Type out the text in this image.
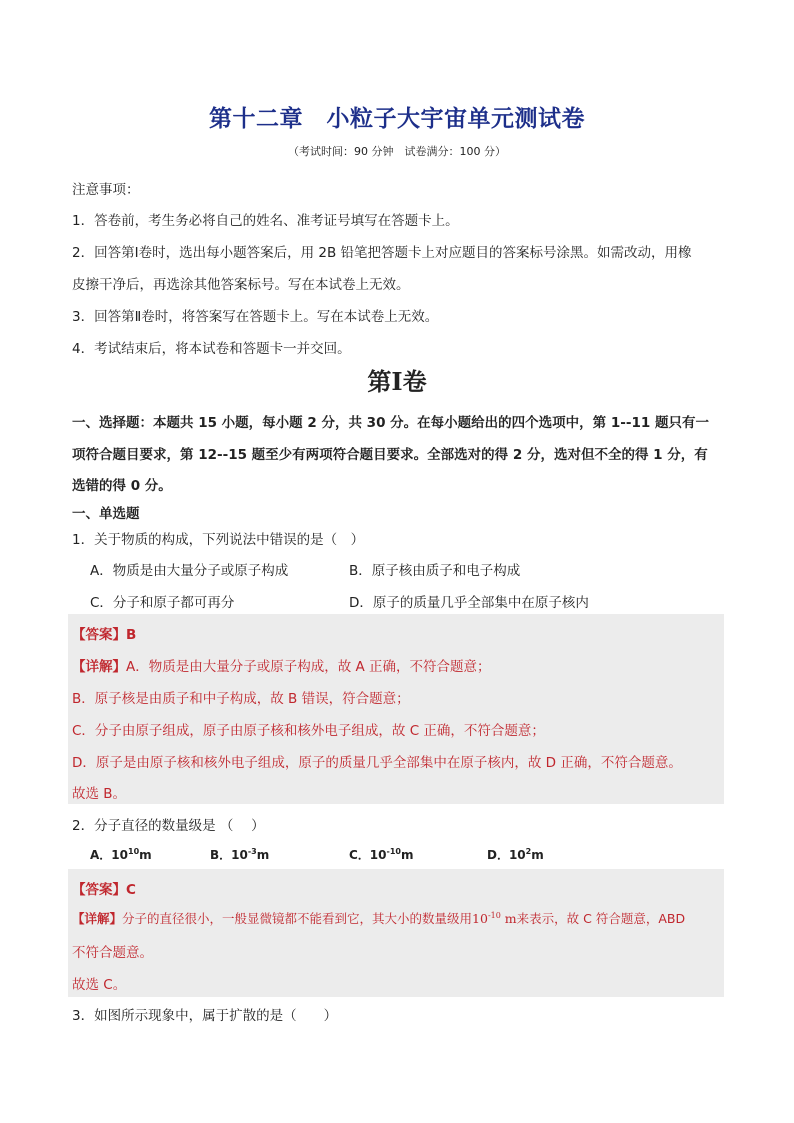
第十二章　小粒子大宇宙单元测试卷
（考试时间：90 分钟　试卷满分：100 分）
注意事项：
1．答卷前，考生务必将自己的姓名、准考证号填写在答题卡上。
2．回答第Ⅰ卷时，选出每小题答案后，用 2B 铅笔把答题卡上对应题目的答案标号涂黑。如需改动，用橡
皮擦干净后，再选涂其他答案标号。写在本试卷上无效。
3．回答第Ⅱ卷时，将答案写在答题卡上。写在本试卷上无效。
4．考试结束后，将本试卷和答题卡一并交回。
第Ⅰ卷
一、选择题：本题共 15 小题，每小题 2 分，共 30 分。在每小题给出的四个选项中，第 1--11 题只有一
项符合题目要求，第 12--15 题至少有两项符合题目要求。全部选对的得 2 分，选对但不全的得 1 分，有
选错的得 0 分。
一、单选题
1．关于物质的构成，下列说法中错误的是（　）
A．物质是由大量分子或原子构成	B．原子核由质子和电子构成
C．分子和原子都可再分	D．原子的质量几乎全部集中在原子核内
【答案】B
【详解】A．物质是由大量分子或原子构成，故 A 正确，不符合题意；
B．原子核是由质子和中子构成，故 B 错误，符合题意；
C．分子由原子组成，原子由原子核和核外电子组成，故 C 正确，不符合题意；
D．原子是由原子核和核外电子组成，原子的质量几乎全部集中在原子核内，故 D 正确，不符合题意。
故选 B。
2．分子直径的数量级是 （　 ）
A．$10^{10}m$	B．$10^{-3}m$	C．$10^{-10}m$	D．$10^2m$
【答案】C
【详解】分子的直径很小，一般显微镜都不能看到它，其大小的数量级用$10^{-10}$ m来表示，故 C 符合题意，ABD
不符合题意。
故选 C。
3．如图所示现象中，属于扩散的是（　　）
